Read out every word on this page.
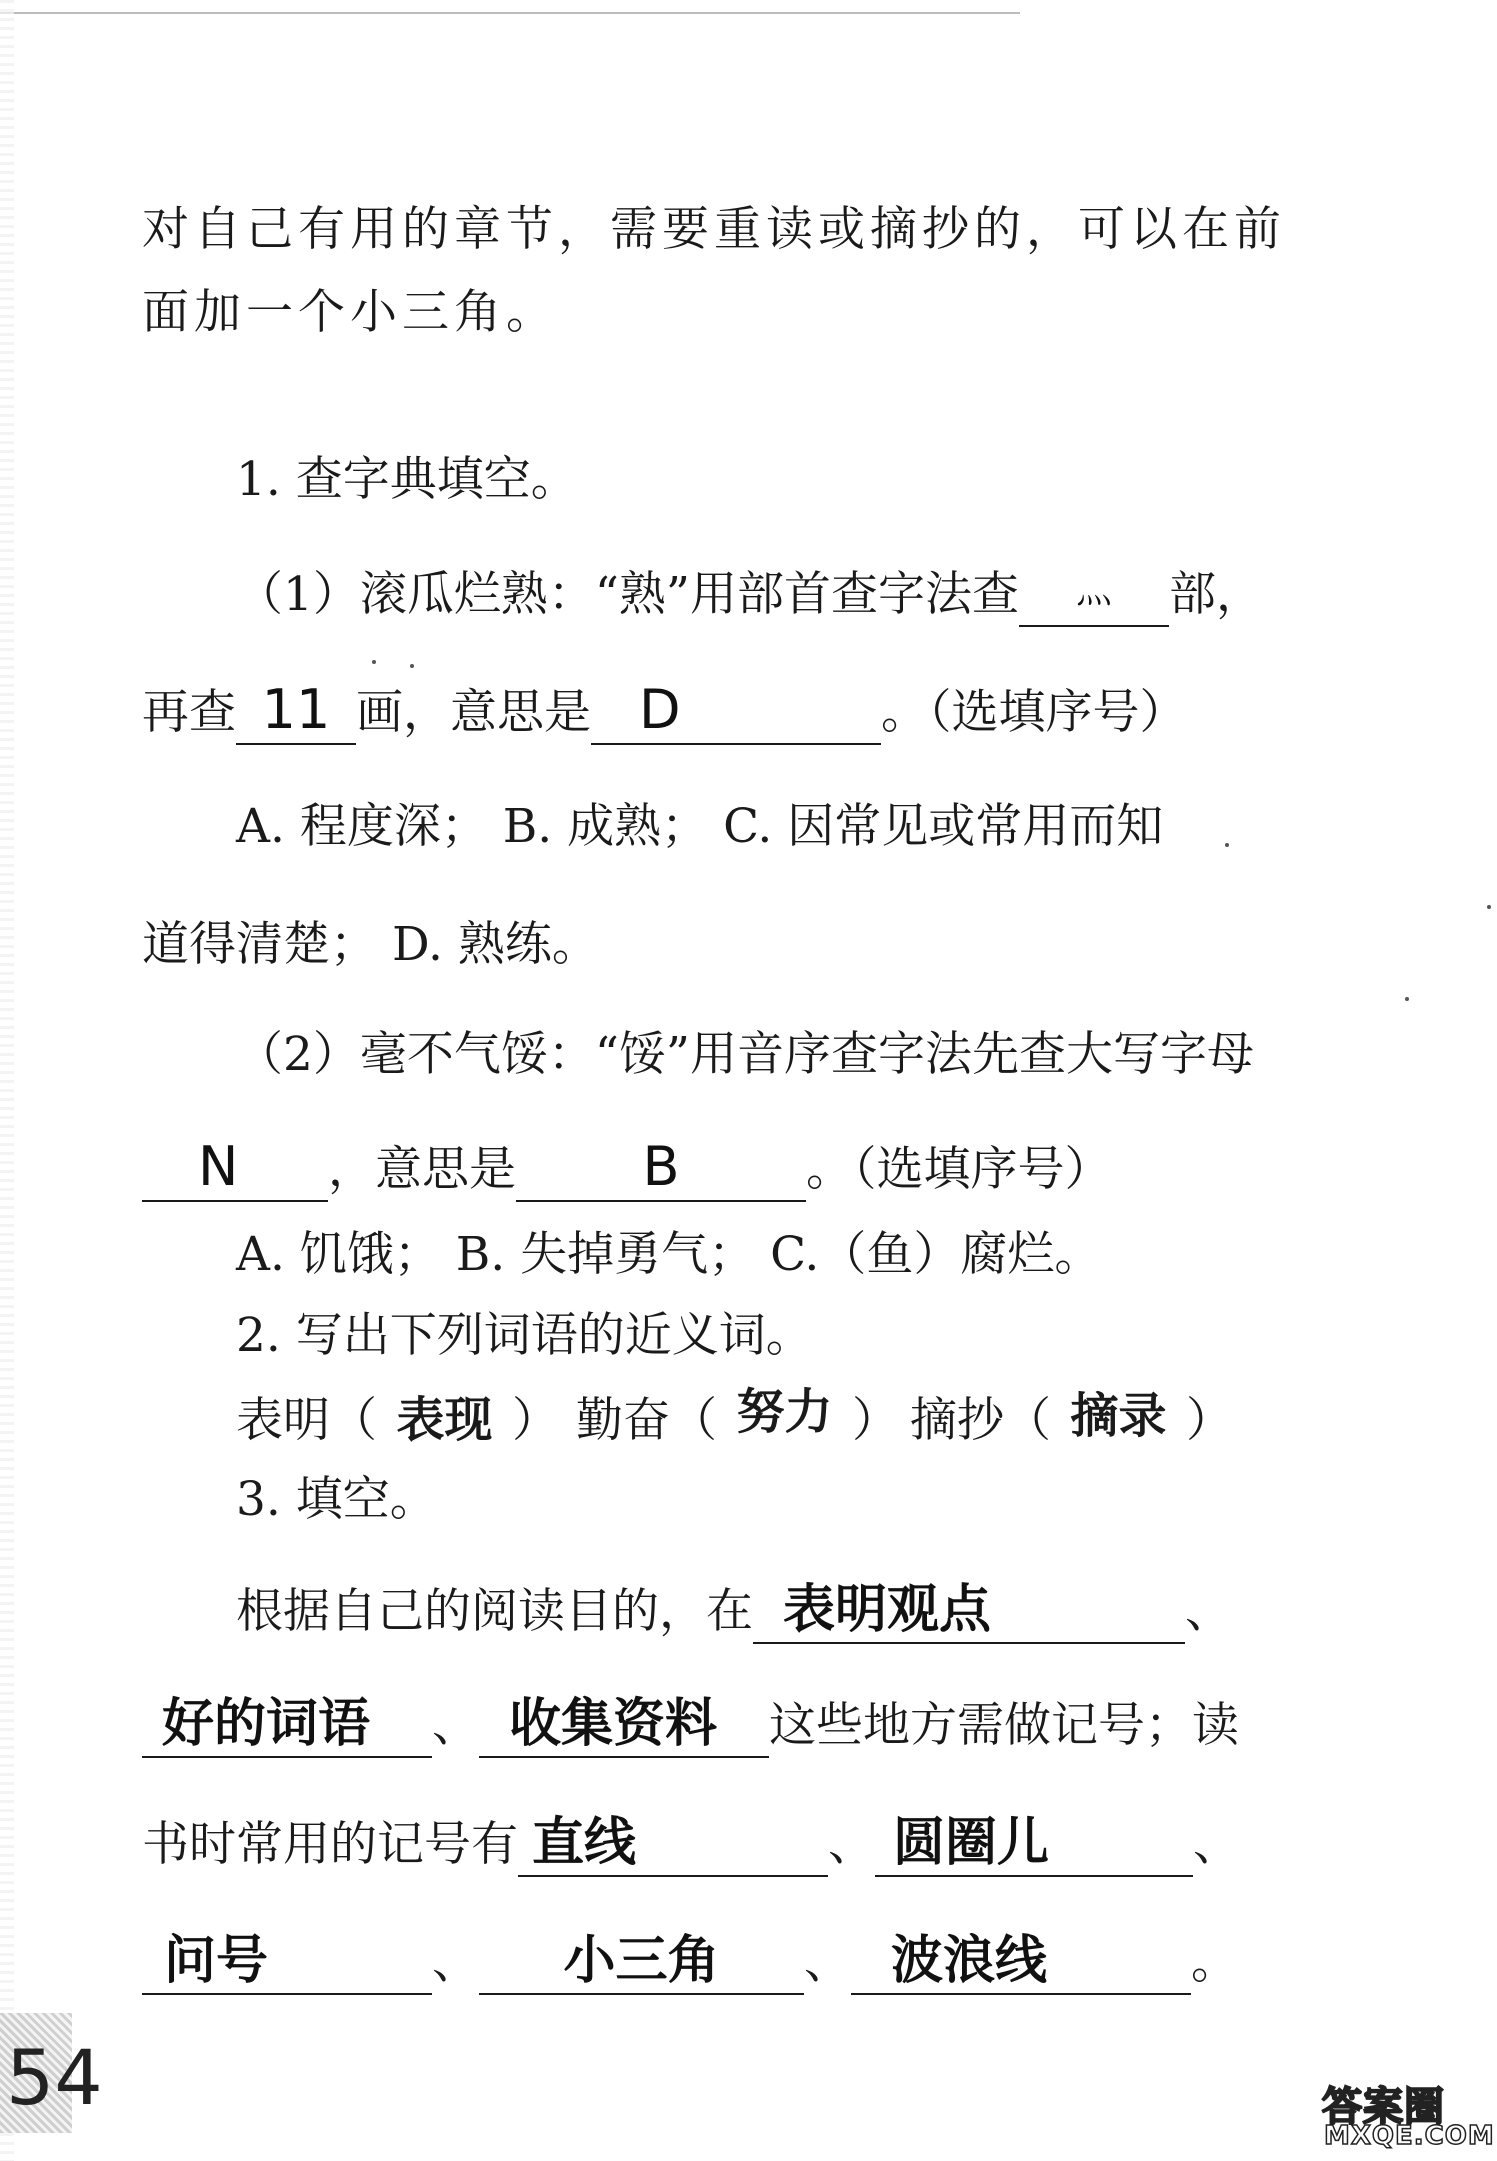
对自己有用的章节，需要重读或摘抄的，可以在前
面加一个小三角。
1. 查字典填空。
（1）滚瓜烂熟：“熟”用部首查字法查 $^灬$ 部，
再查 11 画，意思是 D	。（选填序号）
A. 程度深； B. 成熟； C. 因常见或常用而知
道得清楚； D. 熟练。
（2）毫不气馁：“馁”用音序查字法先查大写字母
N ，意思是 B	。（选填序号）
A. 饥饿； B. 失掉勇气； C.（鱼）腐烂。
2. 写出下列词语的近义词。
表明（ 表现 ） 勤奋（ 努力 ） 摘抄（ 摘录 ）
3. 填空。
根据自己的阅读目的，在 表明观点	、
好的词语 、 收集资料 这些地方需做记号；读
书时常用的记号有 直线	、 圆圈儿	、
问号	、 小三角 、 波浪线	。
54	答案圈
MXQE.COM
